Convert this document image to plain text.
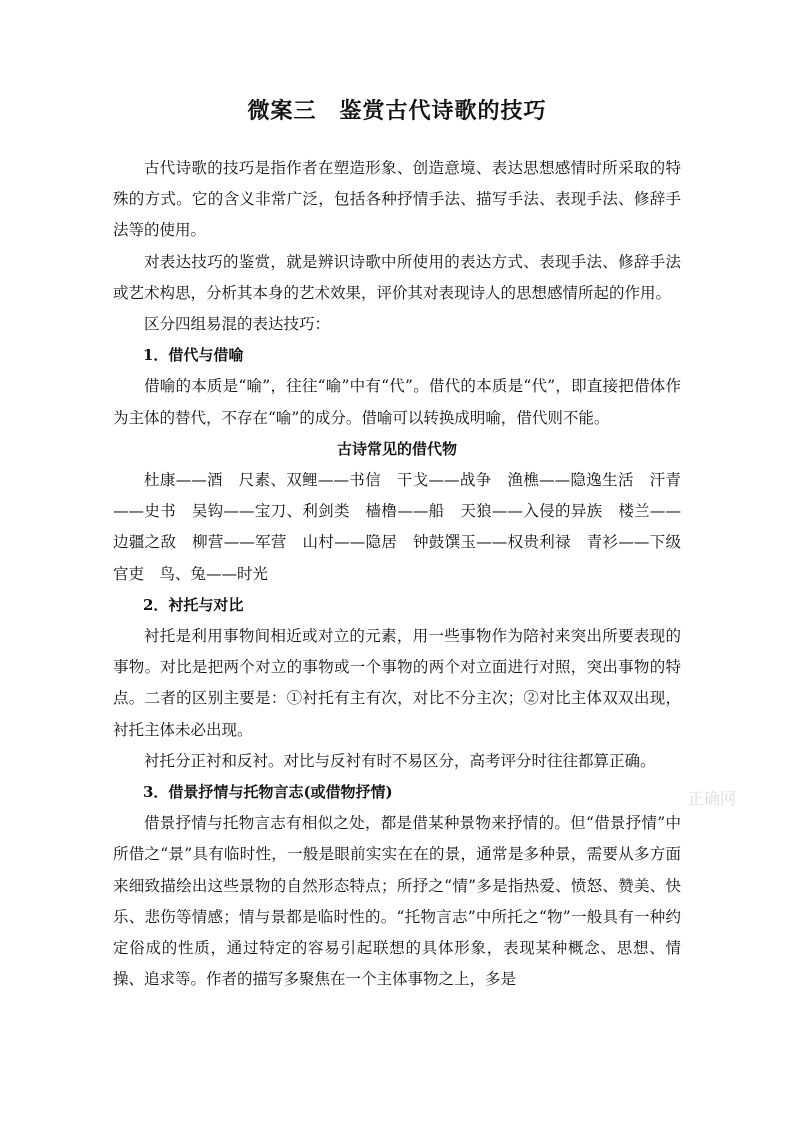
微案三　鉴赏古代诗歌的技巧

古代诗歌的技巧是指作者在塑造形象、创造意境、表达思想感情时所采取的特殊的方式。它的含义非常广泛，包括各种抒情手法、描写手法、表现手法、修辞手法等的使用。

对表达技巧的鉴赏，就是辨识诗歌中所使用的表达方式、表现手法、修辞手法或艺术构思，分析其本身的艺术效果，评价其对表现诗人的思想感情所起的作用。

区分四组易混的表达技巧：

1．借代与借喻

借喻的本质是“喻”，往往“喻”中有“代”。借代的本质是“代”，即直接把借体作为主体的替代，不存在“喻”的成分。借喻可以转换成明喻，借代则不能。

古诗常见的借代物

杜康——酒　尺素、双鲤——书信　干戈——战争　渔樵——隐逸生活　汗青——史书　吴钩——宝刀、利剑类　樯橹——船　天狼——入侵的异族　楼兰——边疆之敌　柳营——军营　山村——隐居　钟鼓馔玉——权贵利禄　青衫——下级官吏　鸟、兔——时光

2．衬托与对比

衬托是利用事物间相近或对立的元素，用一些事物作为陪衬来突出所要表现的事物。对比是把两个对立的事物或一个事物的两个对立面进行对照，突出事物的特点。二者的区别主要是：①衬托有主有次，对比不分主次；②对比主体双双出现，衬托主体未必出现。

衬托分正衬和反衬。对比与反衬有时不易区分，高考评分时往往都算正确。

3．借景抒情与托物言志(或借物抒情)

借景抒情与托物言志有相似之处，都是借某种景物来抒情的。但“借景抒情”中所借之“景”具有临时性，一般是眼前实实在在的景，通常是多种景，需要从多方面来细致描绘出这些景物的自然形态特点；所抒之“情”多是指热爱、愤怒、赞美、快乐、悲伤等情感；情与景都是临时性的。“托物言志”中所托之“物”一般具有一种约定俗成的性质，通过特定的容易引起联想的具体形象，表现某种概念、思想、情操、追求等。作者的描写多聚焦在一个主体事物之上，多是

正确网
